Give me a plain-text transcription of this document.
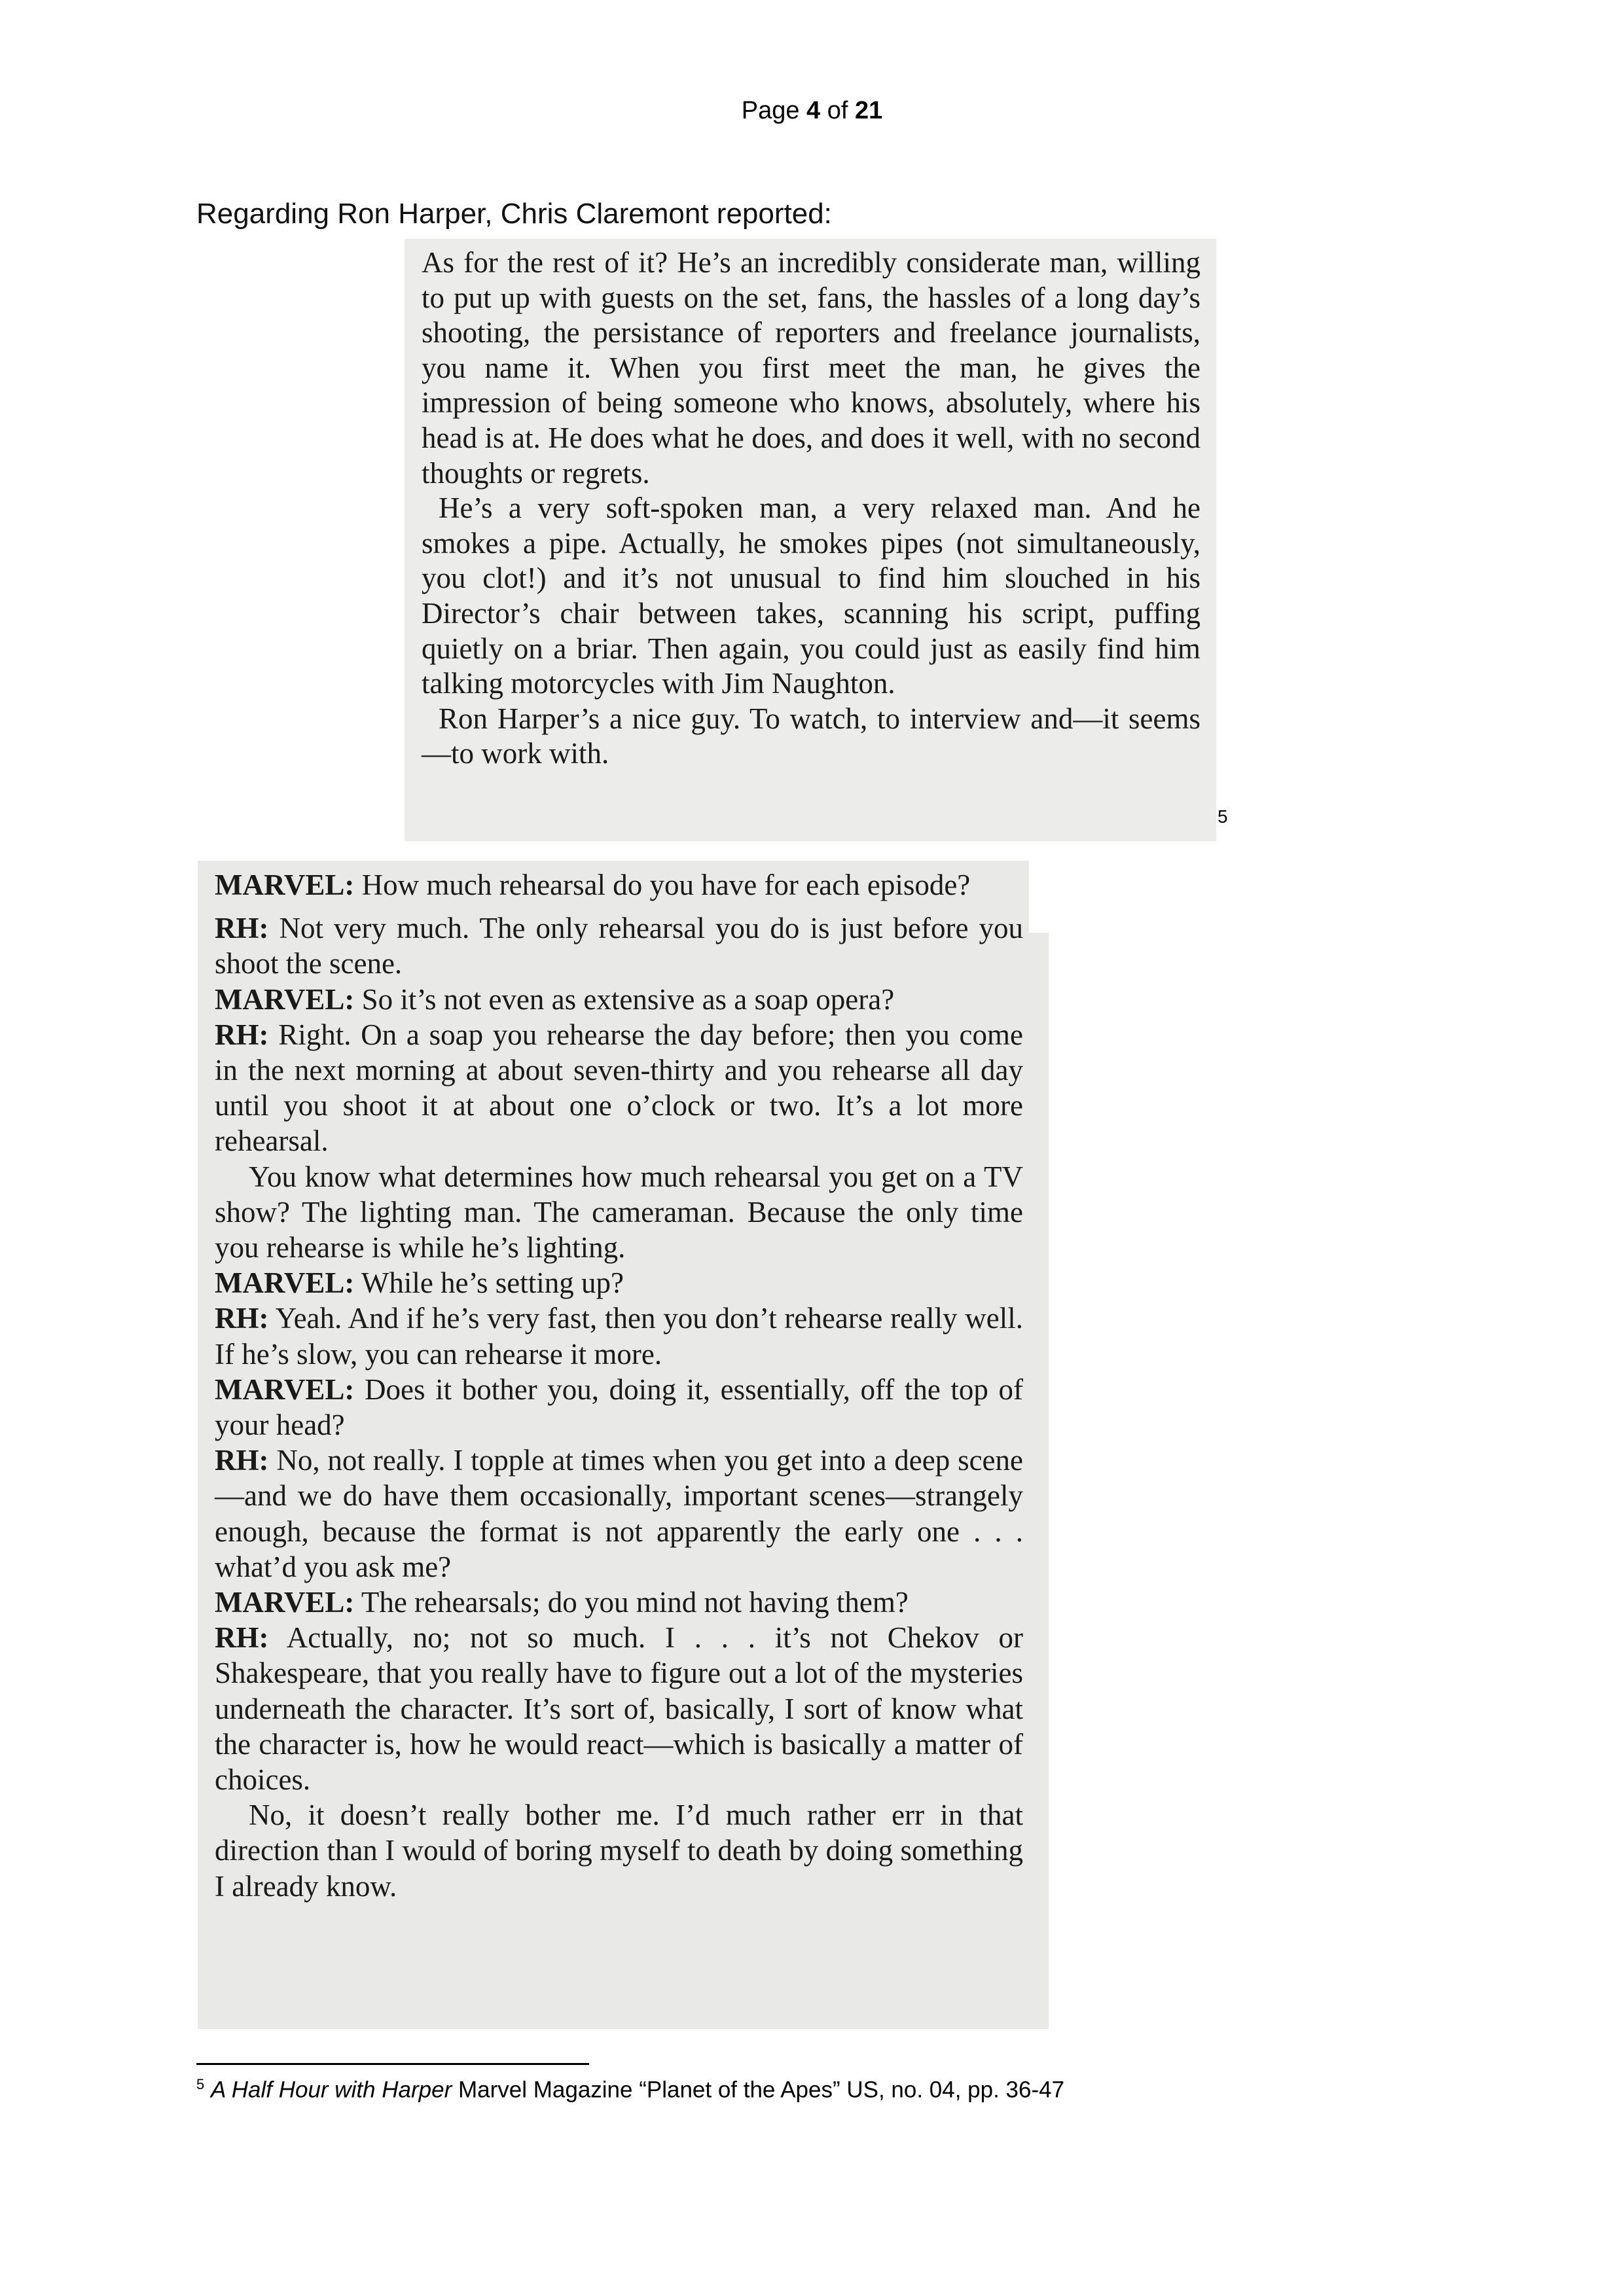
Page 4 of 21
Regarding Ron Harper, Chris Claremont reported:

As for the rest of it? He’s an incredibly considerate man, willing to put up with guests on the set, fans, the hassles of a long day’s shooting, the persistance of reporters and freelance journalists, you name it. When you first meet the man, he gives the impression of being someone who knows, absolutely, where his head is at. He does what he does, and does it well, with no second thoughts or regrets.

He’s a very soft-spoken man, a very relaxed man. And he smokes a pipe. Actually, he smokes pipes (not simultaneously, you clot!) and it’s not unusual to find him slouched in his Director’s chair between takes, scanning his script, puffing quietly on a briar. Then again, you could just as easily find him talking motorcycles with Jim Naughton.

Ron Harper’s a nice guy. To watch, to interview and—it seems—to work with.

5

MARVEL: How much rehearsal do you have for each episode?

RH: Not very much. The only rehearsal you do is just before you shoot the scene.

MARVEL: So it’s not even as extensive as a soap opera?

RH: Right. On a soap you rehearse the day before; then you come in the next morning at about seven-thirty and you rehearse all day until you shoot it at about one o’clock or two. It’s a lot more rehearsal.

You know what determines how much rehearsal you get on a TV show? The lighting man. The cameraman. Because the only time you rehearse is while he’s lighting.

MARVEL: While he’s setting up?

RH: Yeah. And if he’s very fast, then you don’t rehearse really well. If he’s slow, you can rehearse it more.

MARVEL: Does it bother you, doing it, essentially, off the top of your head?

RH: No, not really. I topple at times when you get into a deep scene—and we do have them occasionally, important scenes—strangely enough, because the format is not apparently the early one . . . what’d you ask me?

MARVEL: The rehearsals; do you mind not having them?

RH: Actually, no; not so much. I . . . it’s not Chekov or Shakespeare, that you really have to figure out a lot of the mysteries underneath the character. It’s sort of, basically, I sort of know what the character is, how he would react—which is basically a matter of choices.

No, it doesn’t really bother me. I’d much rather err in that direction than I would of boring myself to death by doing something I already know.

$^5$ A Half Hour with Harper Marvel Magazine “Planet of the Apes” US, no. 04, pp. 36-47
